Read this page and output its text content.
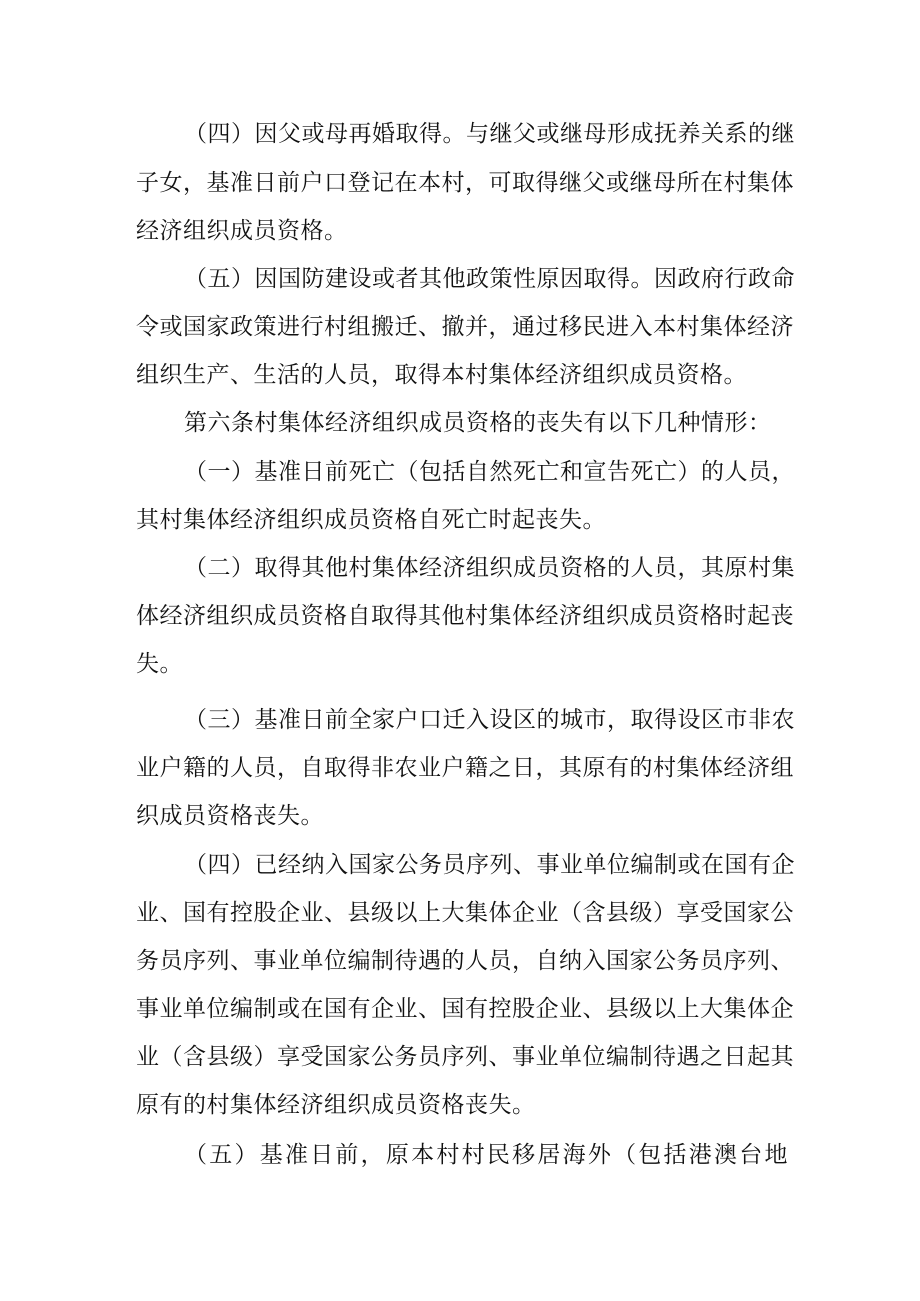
（四）因父或母再婚取得。与继父或继母形成抚养关系的继
子女，基准日前户口登记在本村，可取得继父或继母所在村集体
经济组织成员资格。
（五）因国防建设或者其他政策性原因取得。因政府行政命
令或国家政策进行村组搬迁、撤并，通过移民进入本村集体经济
组织生产、生活的人员，取得本村集体经济组织成员资格。
第六条村集体经济组织成员资格的丧失有以下几种情形：
（一）基准日前死亡（包括自然死亡和宣告死亡）的人员，
其村集体经济组织成员资格自死亡时起丧失。
（二）取得其他村集体经济组织成员资格的人员，其原村集
体经济组织成员资格自取得其他村集体经济组织成员资格时起丧
失。
（三）基准日前全家户口迁入设区的城市，取得设区市非农
业户籍的人员，自取得非农业户籍之日，其原有的村集体经济组
织成员资格丧失。
（四）已经纳入国家公务员序列、事业单位编制或在国有企
业、国有控股企业、县级以上大集体企业（含县级）享受国家公
务员序列、事业单位编制待遇的人员，自纳入国家公务员序列、
事业单位编制或在国有企业、国有控股企业、县级以上大集体企
业（含县级）享受国家公务员序列、事业单位编制待遇之日起其
原有的村集体经济组织成员资格丧失。
（五）基准日前，原本村村民移居海外（包括港澳台地
